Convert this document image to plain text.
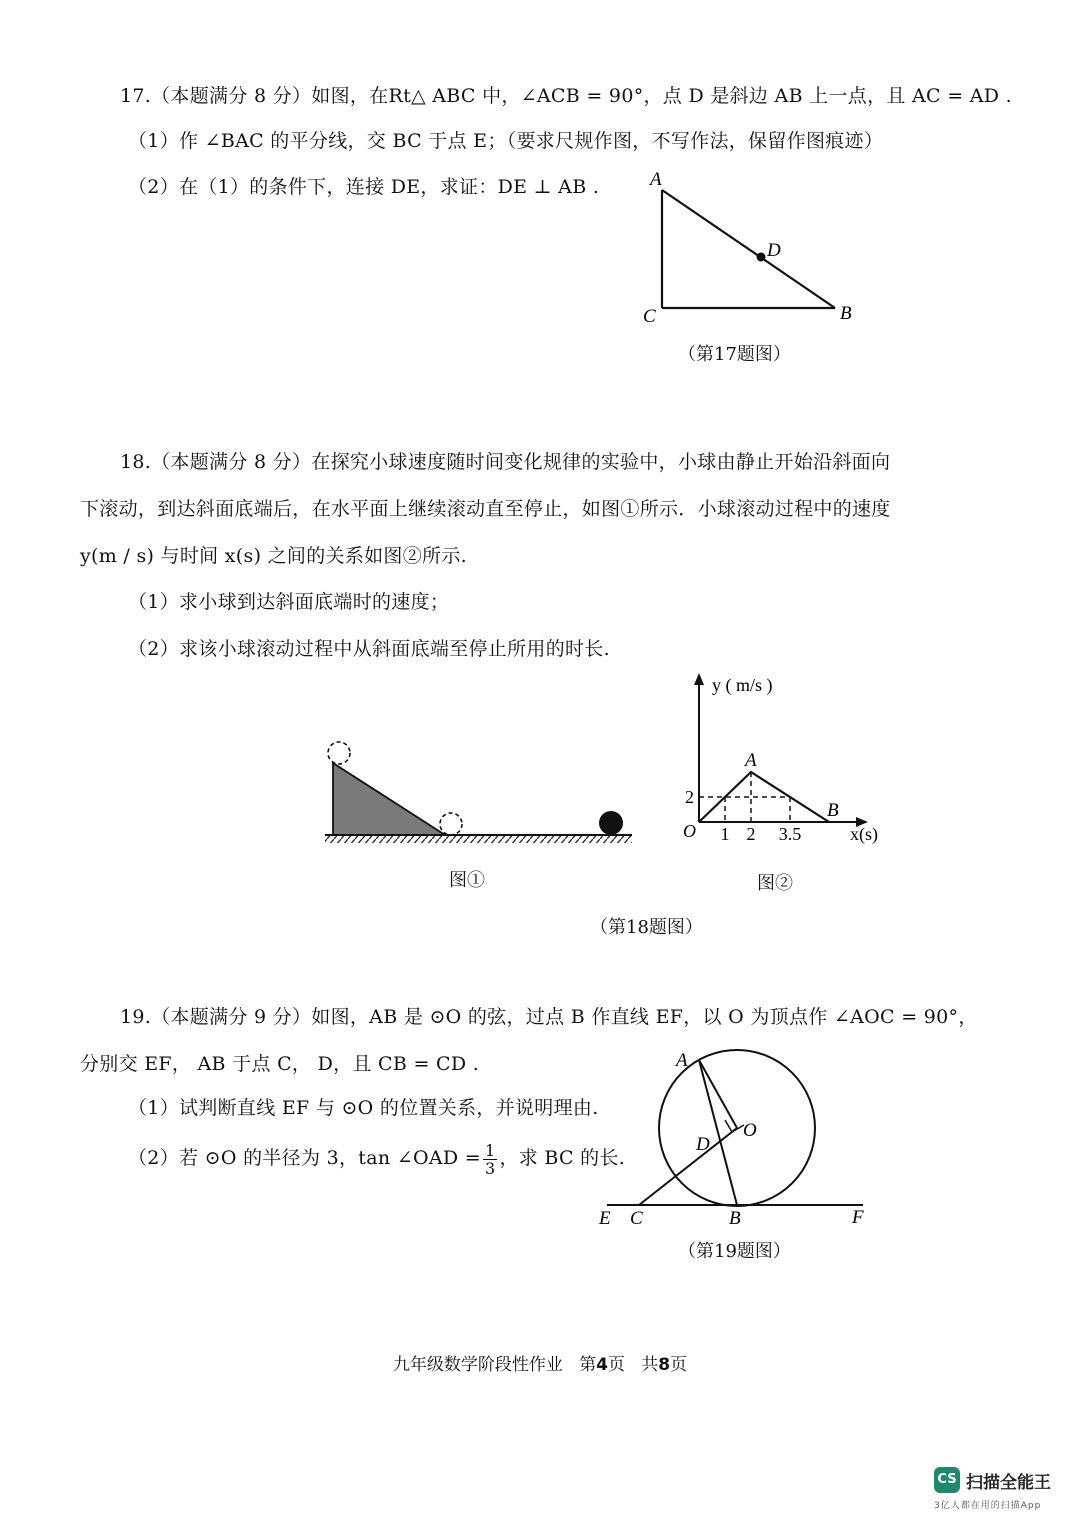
17.（本题满分 8 分）如图，在Rt△ ABC 中，∠ACB = 90°，点 D 是斜边 AB 上一点，且 AC = AD .
（1）作 ∠BAC 的平分线，交 BC 于点 E；（要求尺规作图，不写作法，保留作图痕迹）
（2）在（1）的条件下，连接 DE，求证：DE ⊥ AB .	A
D
C	B
（第17题图）
18.（本题满分 8 分）在探究小球速度随时间变化规律的实验中，小球由静止开始沿斜面向
下滚动，到达斜面底端后，在水平面上继续滚动直至停止，如图①所示．小球滚动过程中的速度
y(m / s) 与时间 x(s) 之间的关系如图②所示.
（1）求小球到达斜面底端时的速度；
（2）求该小球滚动过程中从斜面底端至停止所用的时长.
图①
A
B
1 2 3.5
2
O
y ( m/s )
x(s)
图②
（第18题图）
19.（本题满分 9 分）如图，AB 是 ⊙O 的弦，过点 B 作直线 EF，以 O 为顶点作 ∠AOC = 90°，
分别交 EF， AB 于点 C， D，且 CB = CD .
（1）试判断直线 EF 与 ⊙O 的位置关系，并说明理由.
（2）若 ⊙O 的半径为 3，tan ∠OAD = $\frac{1}{3}$ ，求 BC 的长.
A
O
D
E C	B	F
（第19题图）
九年级数学阶段性作业 第4页 共8页
CS 扫描全能王
3亿人都在用的扫描App
